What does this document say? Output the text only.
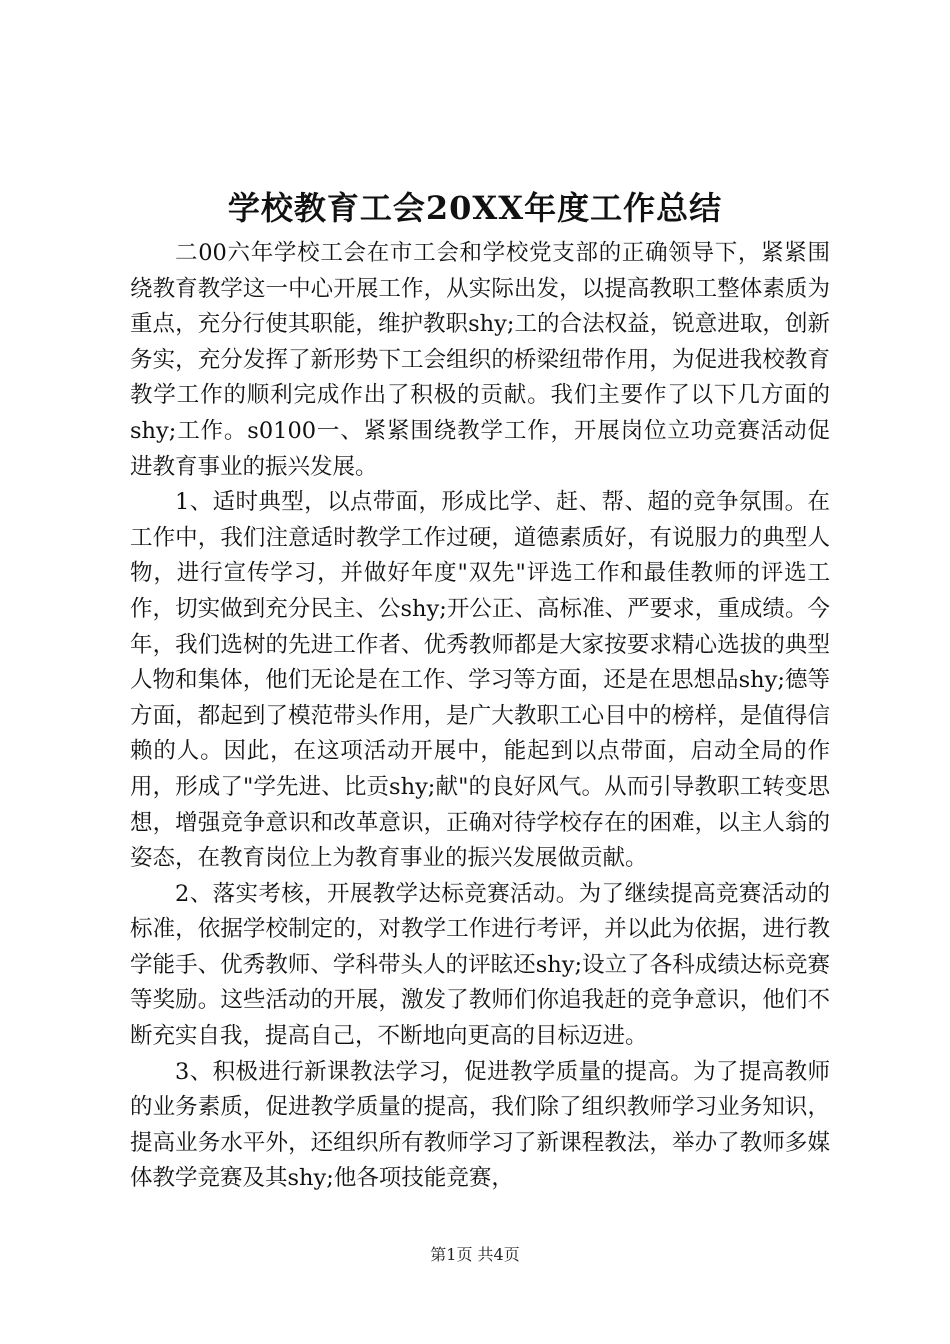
学校教育工会20XX年度工作总结

二00六年学校工会在市工会和学校党支部的正确领导下，紧紧围绕教育教学这一中心开展工作，从实际出发，以提高教职工整体素质为重点，充分行使其职能，维护教职shy;工的合法权益，锐意进取，创新务实，充分发挥了新形势下工会组织的桥梁纽带作用，为促进我校教育教学工作的顺利完成作出了积极的贡献。我们主要作了以下几方面的shy;工作。s0100一、紧紧围绕教学工作，开展岗位立功竞赛活动促进教育事业的振兴发展。

1、适时典型，以点带面，形成比学、赶、帮、超的竞争氛围。在工作中，我们注意适时教学工作过硬，道德素质好，有说服力的典型人物，进行宣传学习，并做好年度"双先"评选工作和最佳教师的评选工作，切实做到充分民主、公shy;开公正、高标准、严要求，重成绩。今年，我们选树的先进工作者、优秀教师都是大家按要求精心选拔的典型人物和集体，他们无论是在工作、学习等方面，还是在思想品shy;德等方面，都起到了模范带头作用，是广大教职工心目中的榜样，是值得信赖的人。因此，在这项活动开展中，能起到以点带面，启动全局的作用，形成了"学先进、比贡shy;献"的良好风气。从而引导教职工转变思想，增强竞争意识和改革意识，正确对待学校存在的困难，以主人翁的姿态，在教育岗位上为教育事业的振兴发展做贡献。

2、落实考核，开展教学达标竞赛活动。为了继续提高竞赛活动的标准，依据学校制定的，对教学工作进行考评，并以此为依据，进行教学能手、优秀教师、学科带头人的评眩还shy;设立了各科成绩达标竞赛等奖励。这些活动的开展，激发了教师们你追我赶的竞争意识，他们不断充实自我，提高自己，不断地向更高的目标迈进。

3、积极进行新课教法学习，促进教学质量的提高。为了提高教师的业务素质，促进教学质量的提高，我们除了组织教师学习业务知识，提高业务水平外，还组织所有教师学习了新课程教法，举办了教师多媒体教学竞赛及其shy;他各项技能竞赛，

第1页 共4页
